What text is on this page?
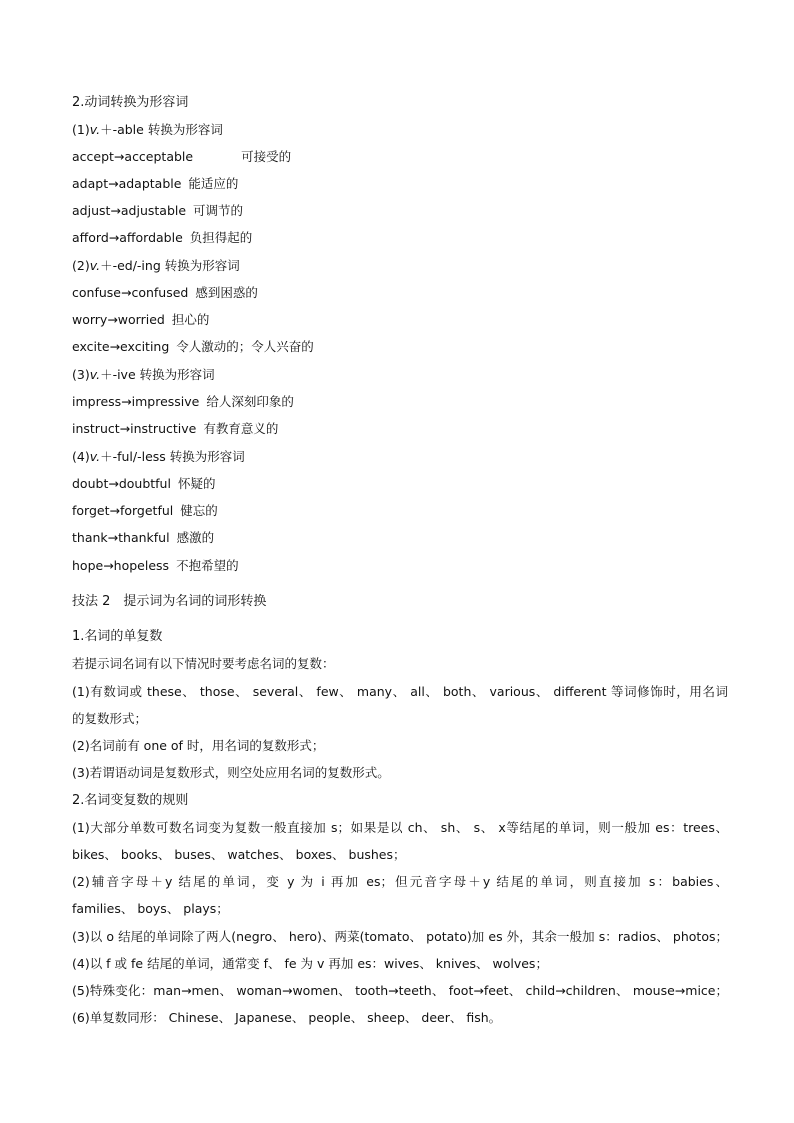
2.动词转换为形容词
(1)v.＋-able 转换为形容词
accept→acceptable	可接受的
adapt→adaptable 能适应的
adjust→adjustable 可调节的
afford→affordable 负担得起的
(2)v.＋-ed/-ing 转换为形容词
confuse→confused 感到困惑的
worry→worried 担心的
excite→exciting 令人激动的；令人兴奋的
(3)v.＋-ive 转换为形容词
impress→impressive 给人深刻印象的
instruct→instructive 有教育意义的
(4)v.＋-ful/-less 转换为形容词
doubt→doubtful 怀疑的
forget→forgetful 健忘的
thank→thankful 感激的
hope→hopeless 不抱希望的
技法 2　提示词为名词的词形转换
1.名词的单复数
若提示词名词有以下情况时要考虑名词的复数：
(1)有数词或 these、 those、 several、 few、 many、 all、 both、 various、 different 等词修饰时，用名词
的复数形式；
(2)名词前有 one of 时，用名词的复数形式；
(3)若谓语动词是复数形式，则空处应用名词的复数形式。
2.名词变复数的规则
(1)大部分单数可数名词变为复数一般直接加 s；如果是以 ch、 sh、 s、 x等结尾的单词，则一般加 es：trees、
bikes、 books、 buses、 watches、 boxes、 bushes；
(2)辅音字母＋y 结尾的单词，变 y 为 i 再加 es；但元音字母＋y 结尾的单词，则直接加 s：babies、
families、 boys、 plays；
(3)以 o 结尾的单词除了两人(negro、 hero)、两菜(tomato、 potato)加 es 外，其余一般加 s：radios、 photos；
(4)以 f 或 fe 结尾的单词，通常变 f、 fe 为 v 再加 es：wives、 knives、 wolves；
(5)特殊变化：man→men、 woman→women、 tooth→teeth、 foot→feet、 child→children、 mouse→mice；
(6)单复数同形： Chinese、 Japanese、 people、 sheep、 deer、 fish。
